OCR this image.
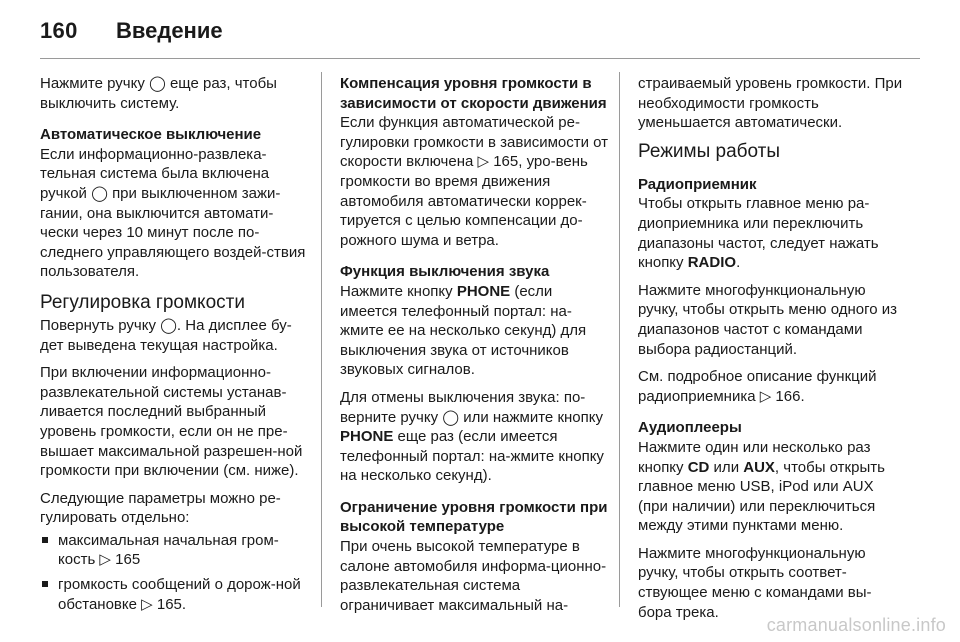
160 Введение

Нажмите ручку ◯ еще раз, чтобы выключить систему.

Автоматическое выключение

Если информационно-развлека-тельная система была включена ручкой ◯ при выключенном зажи-гании, она выключится автомати-чески через 10 минут после по-следнего управляющего воздей-ствия пользователя.

Регулировка громкости

Повернуть ручку ◯. На дисплее бу-дет выведена текущая настройка.

При включении информационно-развлекательной системы устанав-ливается последний выбранный уровень громкости, если он не пре-вышает максимальной разрешен-ной громкости при включении (см. ниже).

Следующие параметры можно ре-гулировать отдельно:

максимальная начальная гром-кость ▷ 165
громкость сообщений о дорож-ной обстановке ▷ 165.
Компенсация уровня громкости в зависимости от скорости движения

Если функция автоматической ре-гулировки громкости в зависимости от скорости включена ▷ 165, уро-вень громкости во время движения автомобиля автоматически коррек-тируется с целью компенсации до-рожного шума и ветра.

Функция выключения звука

Нажмите кнопку PHONE (если имеется телефонный портал: на-жмите ее на несколько секунд) для выключения звука от источников звуковых сигналов.

Для отмены выключения звука: по-верните ручку ◯ или нажмите кнопку PHONE еще раз (если имеется телефонный портал: на-жмите кнопку на несколько секунд).

Ограничение уровня громкости при высокой температуре

При очень высокой температуре в салоне автомобиля информа-ционно-развлекательная система ограничивает максимальный на-

страиваемый уровень громкости. При необходимости громкость уменьшается автоматически.

Режимы работы
Радиоприемник

Чтобы открыть главное меню ра-диоприемника или переключить диапазоны частот, следует нажать кнопку RADIO.

Нажмите многофункциональную ручку, чтобы открыть меню одного из диапазонов частот с командами выбора радиостанций.

См. подробное описание функций радиоприемника ▷ 166.

Аудиоплееры

Нажмите один или несколько раз кнопку CD или AUX, чтобы открыть главное меню USB, iPod или AUX (при наличии) или переключиться между этими пунктами меню.

Нажмите многофункциональную ручку, чтобы открыть соответ-ствующее меню с командами вы-бора трека.

carmanualsonline.info
